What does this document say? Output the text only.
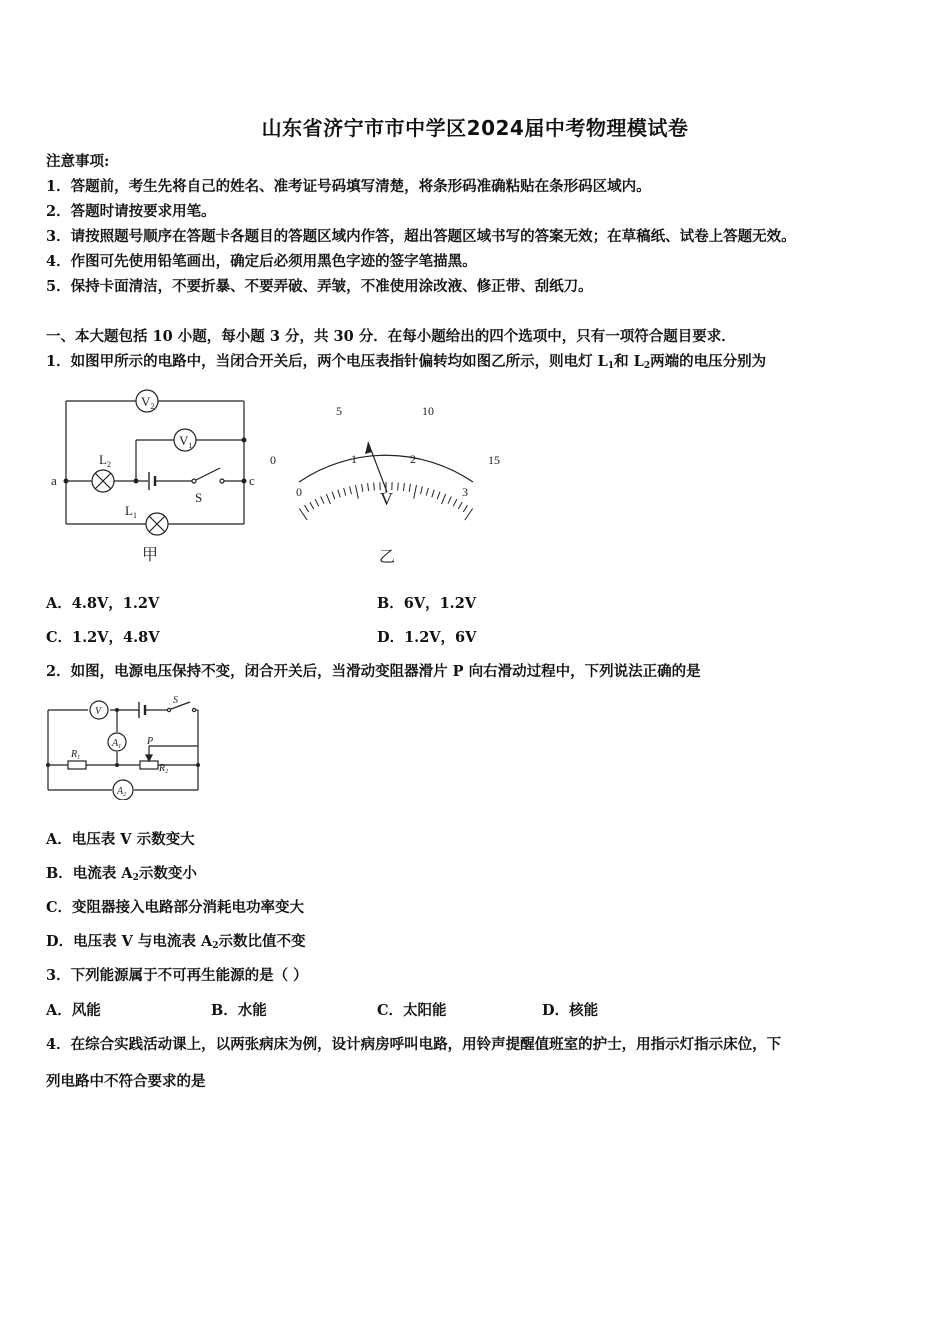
山东省济宁市市中学区2024届中考物理模试卷
注意事项:
1．答题前，考生先将自己的姓名、准考证号码填写清楚，将条形码准确粘贴在条形码区域内。
2．答题时请按要求用笔。
3．请按照题号顺序在答题卡各题目的答题区域内作答，超出答题区域书写的答案无效；在草稿纸、试卷上答题无效。
4．作图可先使用铅笔画出，确定后必须用黑色字迹的签字笔描黑。
5．保持卡面清洁，不要折暴、不要弄破、弄皱，不准使用涂改液、修正带、刮纸刀。
一、本大题包括 10 小题，每小题 3 分，共 30 分．在每小题给出的四个选项中，只有一项符合题目要求．
1．如图甲所示的电路中，当闭合开关后，两个电压表指针偏转均如图乙所示，则电灯 $L_1$和 $L_2$两端的电压分别为
$V_2$
$V_1$
$L_2$
$L_1$
a	c
S
甲
0
5	10
15
0
1	2
3
V
乙
A．4.8V，1.2V	B．6V，1.2V
C．1.2V，4.8V	D．1.2V，6V
2．如图，电源电压保持不变，闭合开关后，当滑动变阻器滑片 P 向右滑动过程中，下列说法正确的是
V
S
$A_1$	P
$R_1$
$R_2$
$A_2$
A．电压表 V 示数变大
B．电流表 $A_2$示数变小
C．变阻器接入电路部分消耗电功率变大
D．电压表 V 与电流表 $A_2$示数比值不变
3．下列能源属于不可再生能源的是（ ）
A．风能	B．水能	C．太阳能	D．核能
4．在综合实践活动课上，以两张病床为例，设计病房呼叫电路，用铃声提醒值班室的护士，用指示灯指示床位，下
列电路中不符合要求的是
